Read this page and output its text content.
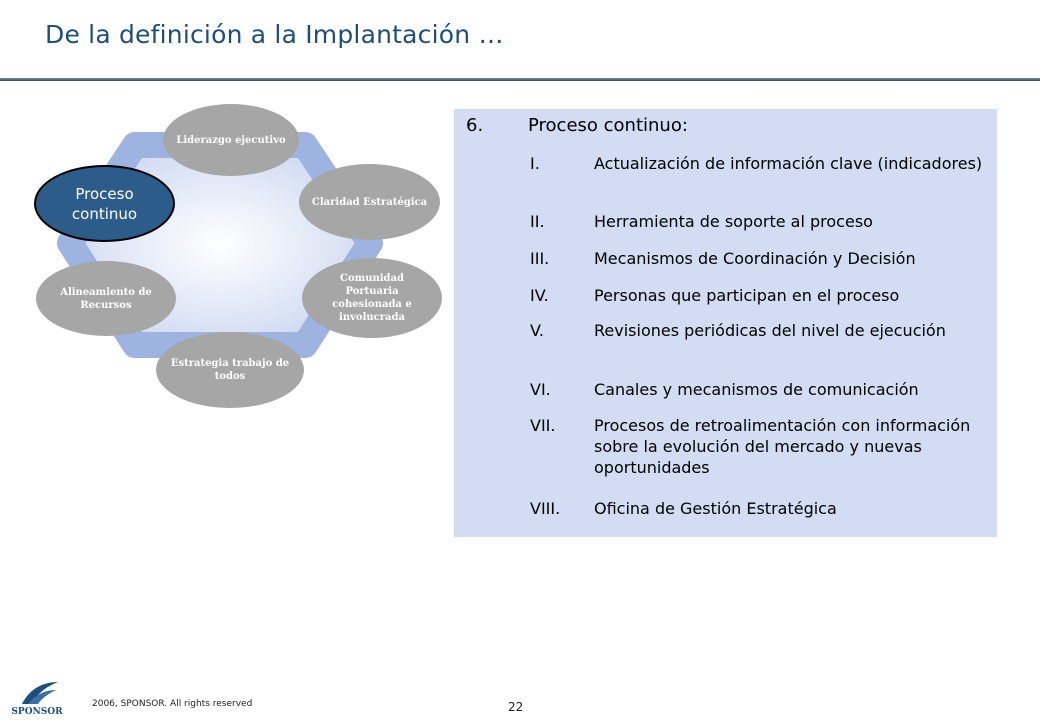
De la definición a la Implantación …
Liderazgo ejecutivo
Claridad Estratégica
Comunidad Portuaria cohesionada e involucrada
Estrategia trabajo de todos
Alineamiento de Recursos
Proceso continuo
6. Proceso continuo:
I.	Actualización de información clave (indicadores)
II.	Herramienta de soporte al proceso
III.	Mecanismos de Coordinación y Decisión
IV.	Personas que participan en el proceso
V.	Revisiones periódicas del nivel de ejecución
VI.	Canales y mecanismos de comunicación
VII. Procesos de retroalimentación con información sobre la evolución del mercado y nuevas oportunidades
VIII. Oficina de Gestión Estratégica
SPONSOR
2006, SPONSOR. All rights reserved	22
